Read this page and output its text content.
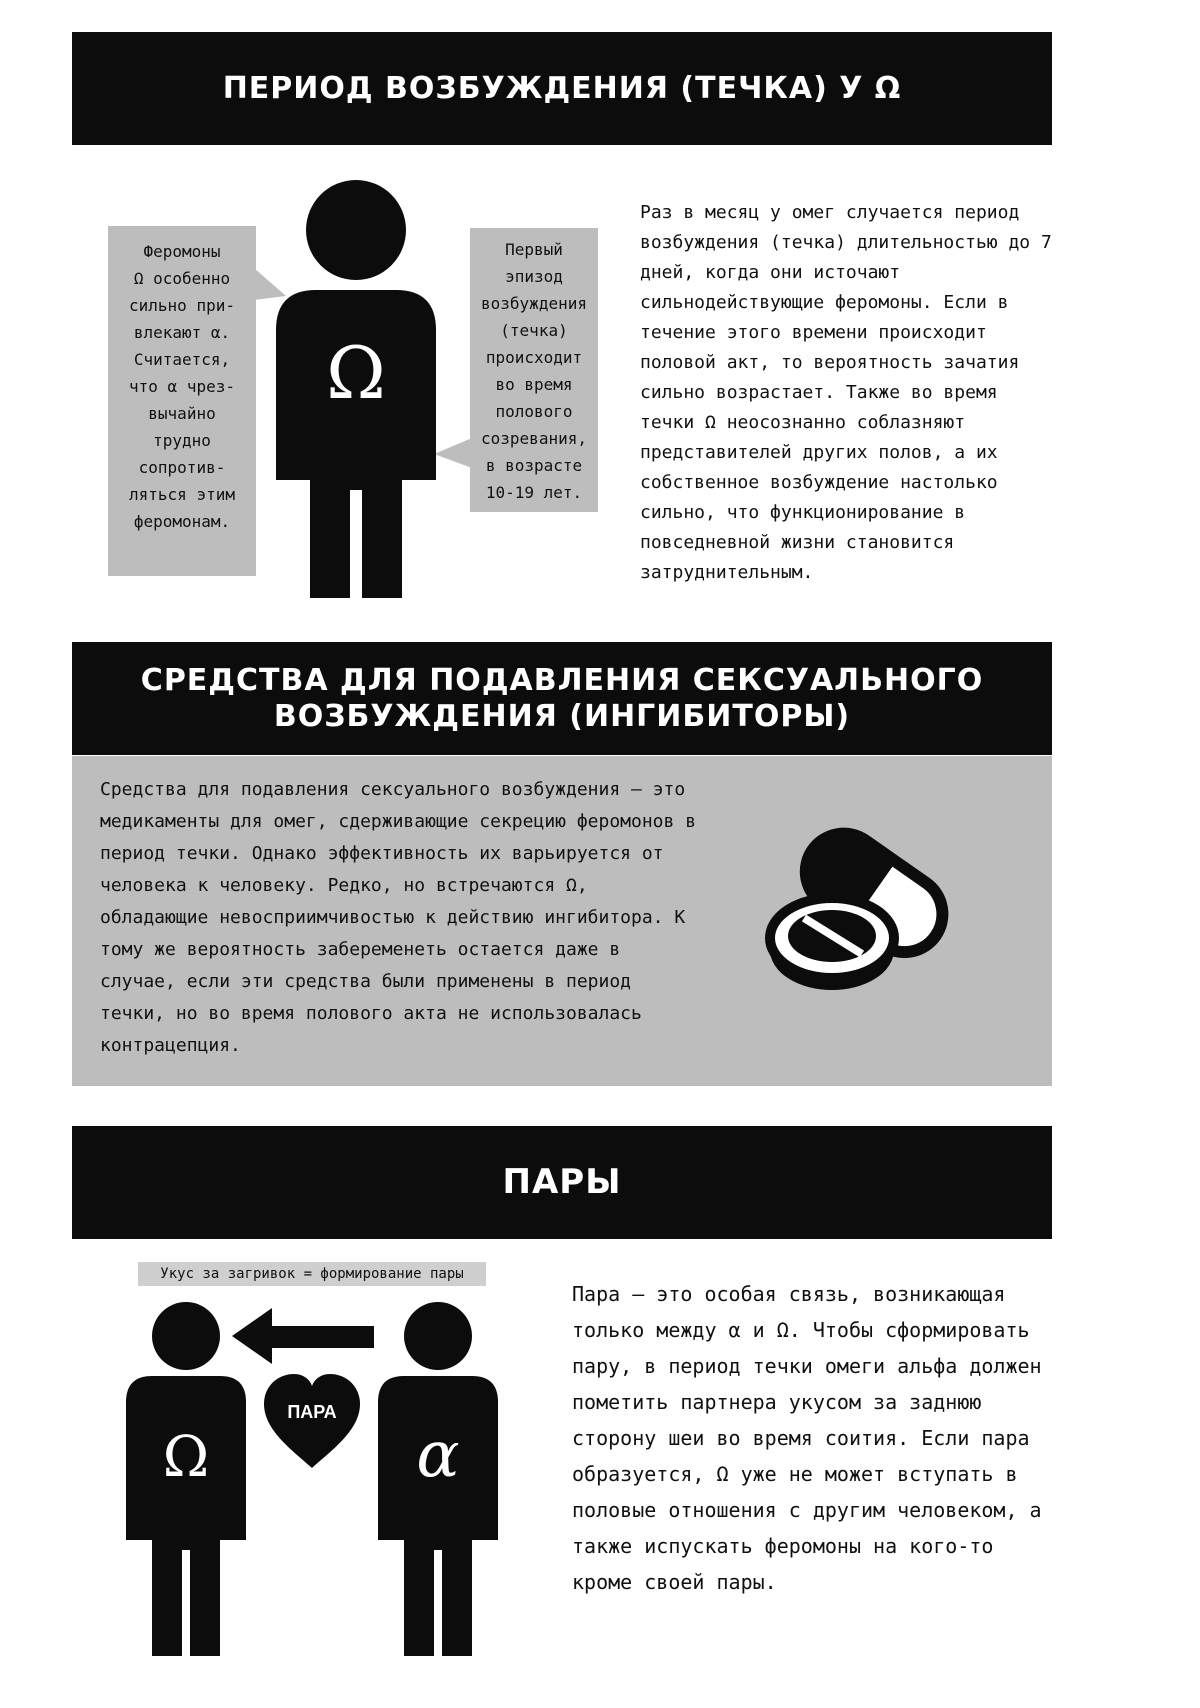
ПЕРИОД ВОЗБУЖДЕНИЯ (ТЕЧКА) У Ω
Феромоны
Ω особенно
сильно при-
влекают α.
Считается,
что α чрез-
вычайно
трудно
сопротив-
ляться этим
феромонам.
Первый
эпизод
возбуждения
(течка)
происходит
во время
полового
созревания,
в возрасте
10-19 лет.
Ω
Раз в месяц у омег случается период возбуждения (течка) длительностью до 7 дней, когда они источают сильнодействующие феромоны. Если в течение этого времени происходит половой акт, то вероятность зачатия сильно возрастает. Также во время течки Ω неосознанно соблазняют представителей других полов, а их собственное возбуждение настолько сильно, что функционирование в повседневной жизни становится затруднительным.
СРЕДСТВА ДЛЯ ПОДАВЛЕНИЯ СЕКСУАЛЬНОГО
ВОЗБУЖДЕНИЯ (ИНГИБИТОРЫ)
Средства для подавления сексуального возбуждения – это медикаменты для омег, сдерживающие секрецию феромонов в период течки. Однако эффективность их варьируется от человека к человеку. Редко, но встречаются Ω, обладающие невосприимчивостью к действию ингибитора. К тому же вероятность забеременеть остается даже в случае, если эти средства были применены в период течки, но во время полового акта не использовалась контрацепция.
ПАРЫ
Укус за загривок = формирование пары
Ω	α
ПАРА
Пара – это особая связь, возникающая только между α и Ω. Чтобы сформировать пару, в период течки омеги альфа должен пометить партнера укусом за заднюю сторону шеи во время соития. Если пара образуется, Ω уже не может вступать в половые отношения с другим человеком, а также испускать феромоны на кого-то кроме своей пары.
